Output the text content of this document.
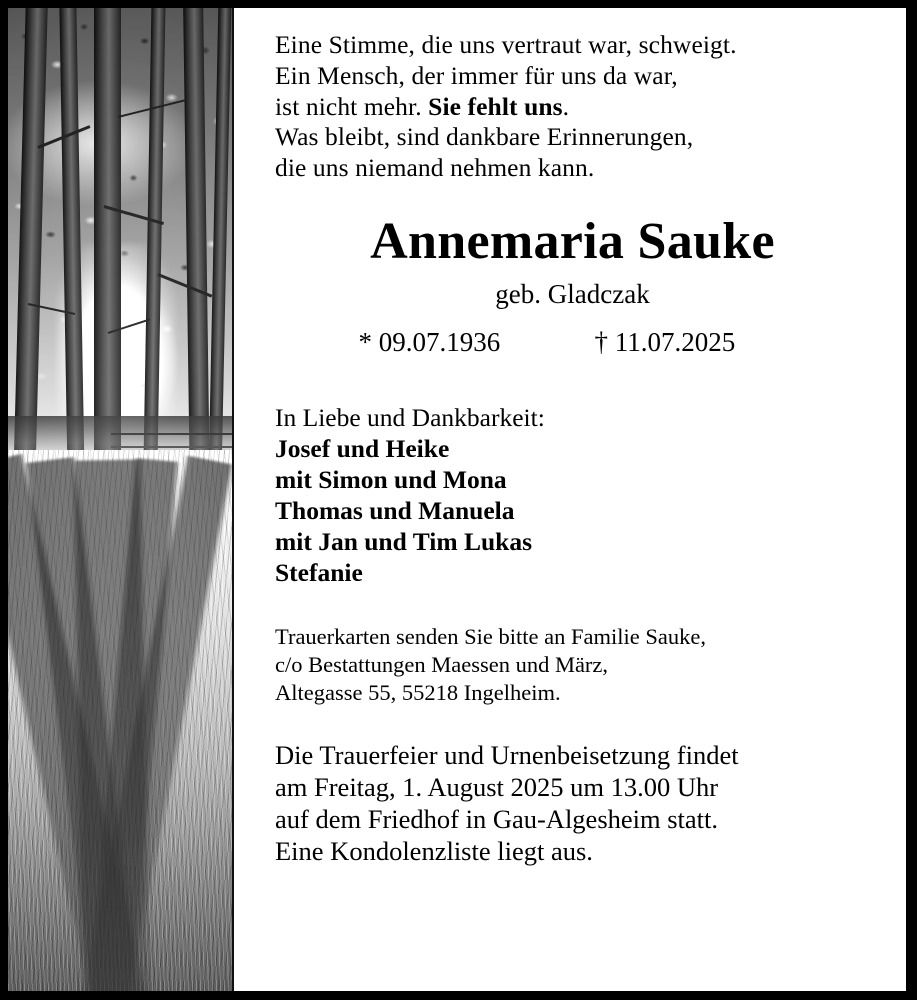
Eine Stimme, die uns vertraut war, schweigt.
Ein Mensch, der immer für uns da war,
ist nicht mehr. Sie fehlt uns.
Was bleibt, sind dankbare Erinnerungen,
die uns niemand nehmen kann.
Annemaria Sauke
geb. Gladczak
* 09.07.1936	† 11.07.2025
In Liebe und Dankbarkeit:
Josef und Heike
mit Simon und Mona
Thomas und Manuela
mit Jan und Tim Lukas
Stefanie
Trauerkarten senden Sie bitte an Familie Sauke,
c/o Bestattungen Maessen und März,
Altegasse 55, 55218 Ingelheim.
Die Trauerfeier und Urnenbeisetzung findet
am Freitag, 1. August 2025 um 13.00 Uhr
auf dem Friedhof in Gau-Algesheim statt.
Eine Kondolenzliste liegt aus.
